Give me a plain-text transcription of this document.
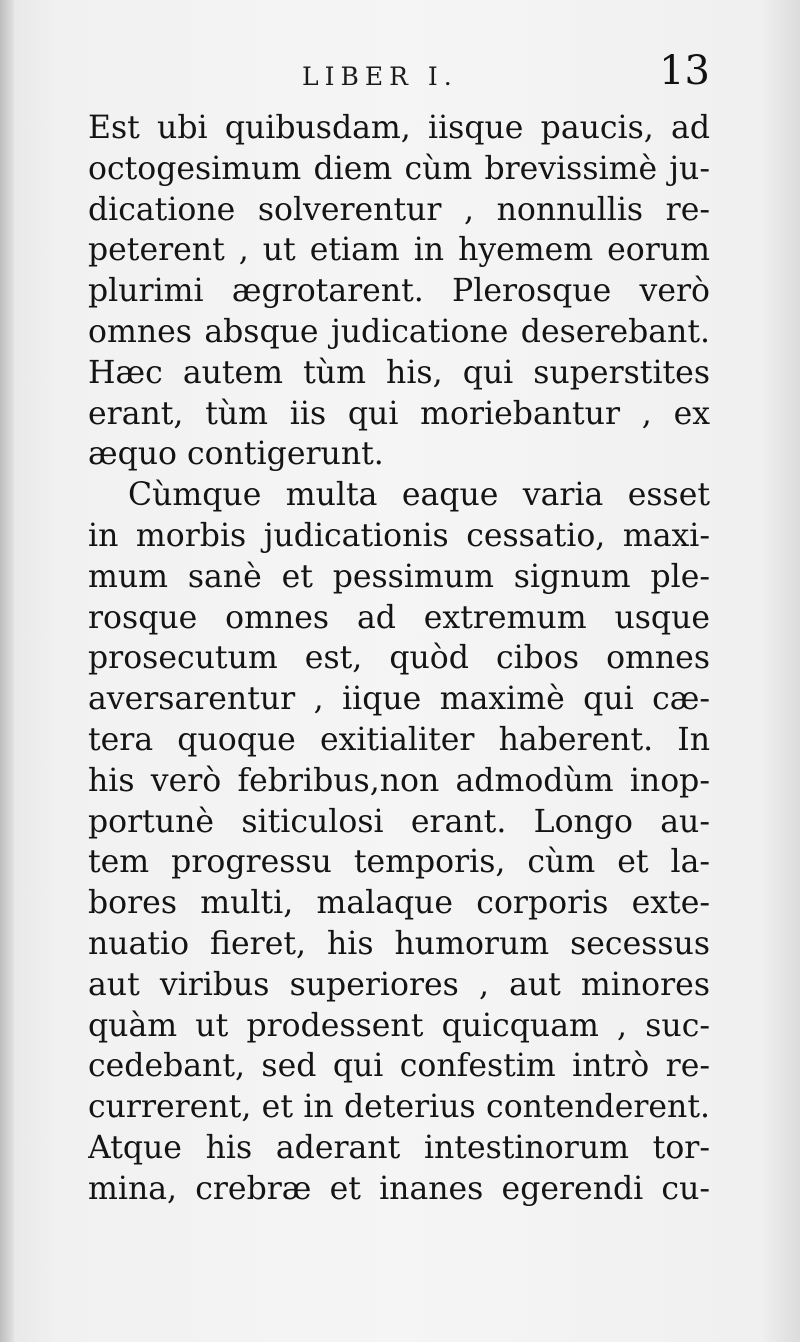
LIBER I.	13
Est ubi quibusdam, iisque paucis, ad
octogesimum diem cùm brevissimè ju-
dicatione solverentur , nonnullis re-
peterent , ut etiam in hyemem eorum
plurimi ægrotarent. Plerosque verò
omnes absque judicatione deserebant.
Hæc autem tùm his, qui superstites
erant, tùm iis qui moriebantur , ex
æquo contigerunt.
Cùmque multa eaque varia esset
in morbis judicationis cessatio, maxi-
mum sanè et pessimum signum ple-
rosque omnes ad extremum usque
prosecutum est, quòd cibos omnes
aversarentur , iique maximè qui cæ-
tera quoque exitialiter haberent. In
his verò febribus,non admodùm inop-
portunè siticulosi erant. Longo au-
tem progressu temporis, cùm et la-
bores multi, malaque corporis exte-
nuatio fieret, his humorum secessus
aut viribus superiores , aut minores
quàm ut prodessent quicquam , suc-
cedebant, sed qui confestim intrò re-
currerent, et in deterius contenderent.
Atque his aderant intestinorum tor-
mina, crebræ et inanes egerendi cu-
